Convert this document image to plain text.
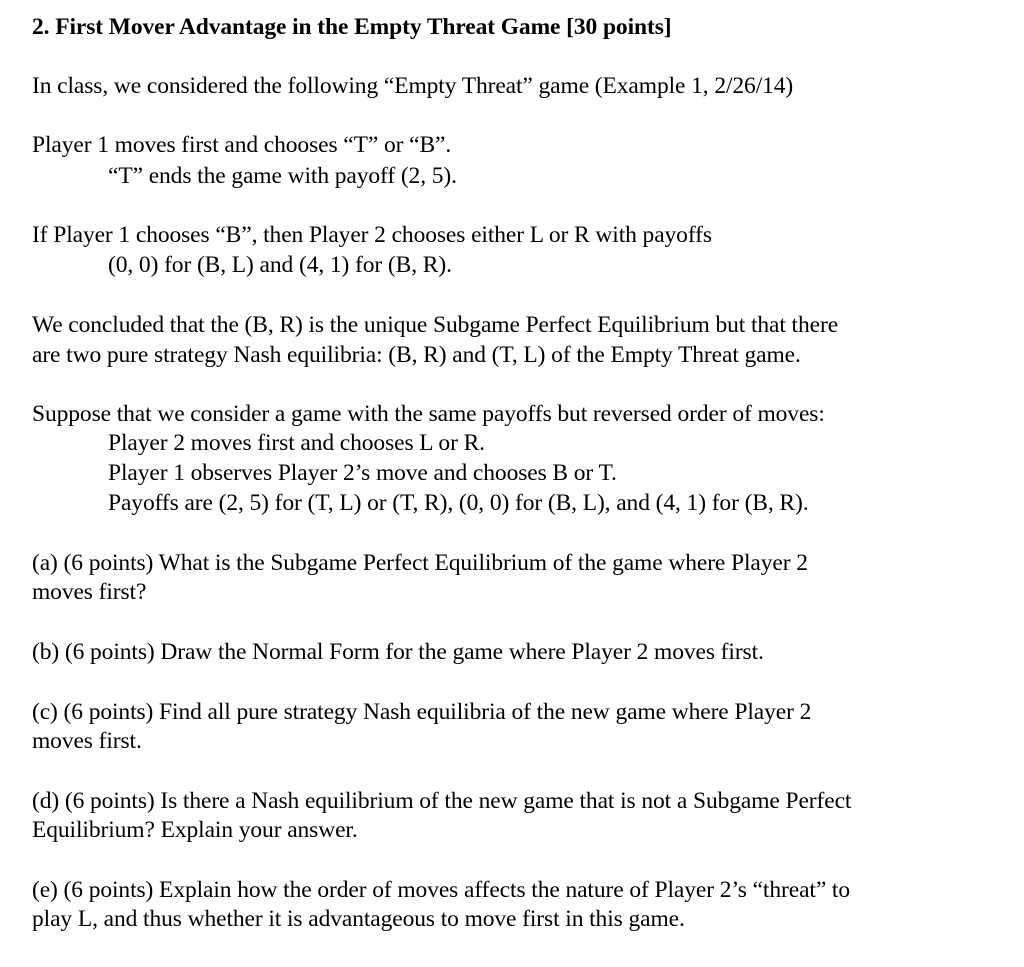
2. First Mover Advantage in the Empty Threat Game [30 points]
In class, we considered the following “Empty Threat” game (Example 1, 2/26/14)
Player 1 moves first and chooses “T” or “B”.
“T” ends the game with payoff (2, 5).
If Player 1 chooses “B”, then Player 2 chooses either L or R with payoffs
(0, 0) for (B, L) and (4, 1) for (B, R).
We concluded that the (B, R) is the unique Subgame Perfect Equilibrium but that there
are two pure strategy Nash equilibria: (B, R) and (T, L) of the Empty Threat game.
Suppose that we consider a game with the same payoffs but reversed order of moves:
Player 2 moves first and chooses L or R.
Player 1 observes Player 2’s move and chooses B or T.
Payoffs are (2, 5) for (T, L) or (T, R), (0, 0) for (B, L), and (4, 1) for (B, R).
(a) (6 points) What is the Subgame Perfect Equilibrium of the game where Player 2
moves first?
(b) (6 points) Draw the Normal Form for the game where Player 2 moves first.
(c) (6 points) Find all pure strategy Nash equilibria of the new game where Player 2
moves first.
(d) (6 points) Is there a Nash equilibrium of the new game that is not a Subgame Perfect
Equilibrium? Explain your answer.
(e) (6 points) Explain how the order of moves affects the nature of Player 2’s “threat” to
play L, and thus whether it is advantageous to move first in this game.
